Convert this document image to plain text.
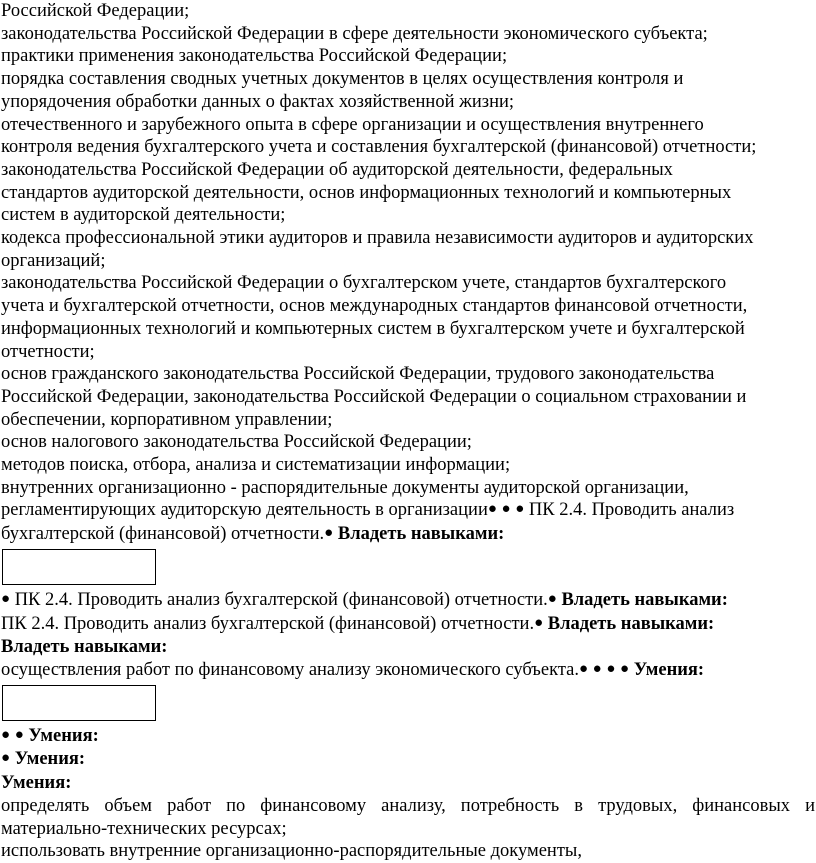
Российской Федерации;
законодательства Российской Федерации в сфере деятельности экономического субъекта;
практики применения законодательства Российской Федерации;
порядка составления сводных учетных документов в целях осуществления контроля и
упорядочения обработки данных о фактах хозяйственной жизни;
отечественного и зарубежного опыта в сфере организации и осуществления внутреннего
контроля ведения бухгалтерского учета и составления бухгалтерской (финансовой) отчетности;
законодательства Российской Федерации об аудиторской деятельности, федеральных
стандартов аудиторской деятельности, основ информационных технологий и компьютерных
систем в аудиторской деятельности;
кодекса профессиональной этики аудиторов и правила независимости аудиторов и аудиторских
организаций;
законодательства Российской Федерации о бухгалтерском учете, стандартов бухгалтерского
учета и бухгалтерской отчетности, основ международных стандартов финансовой отчетности,
информационных технологий и компьютерных систем в бухгалтерском учете и бухгалтерской
отчетности;
основ гражданского законодательства Российской Федерации, трудового законодательства
Российской Федерации, законодательства Российской Федерации о социальном страховании и
обеспечении, корпоративном управлении;
основ налогового законодательства Российской Федерации;
методов поиска, отбора, анализа и систематизации информации;
внутренних организационно - распорядительные документы аудиторской организации,
регламентирующих аудиторскую деятельность в организации● ● ● ПК 2.4. Проводить анализ
бухгалтерской (финансовой) отчетности.● Владеть навыками:
● ПК 2.4. Проводить анализ бухгалтерской (финансовой) отчетности.● Владеть навыками:
ПК 2.4. Проводить анализ бухгалтерской (финансовой) отчетности.● Владеть навыками:
Владеть навыками:
осуществления работ по финансовому анализу экономического субъекта.● ● ● ● Умения:
● ● Умения:
● Умения:
Умения:
определять объем работ по финансовому анализу, потребность в трудовых, финансовых и
материально-технических ресурсах;
использовать внутренние организационно-распорядительные документы,
